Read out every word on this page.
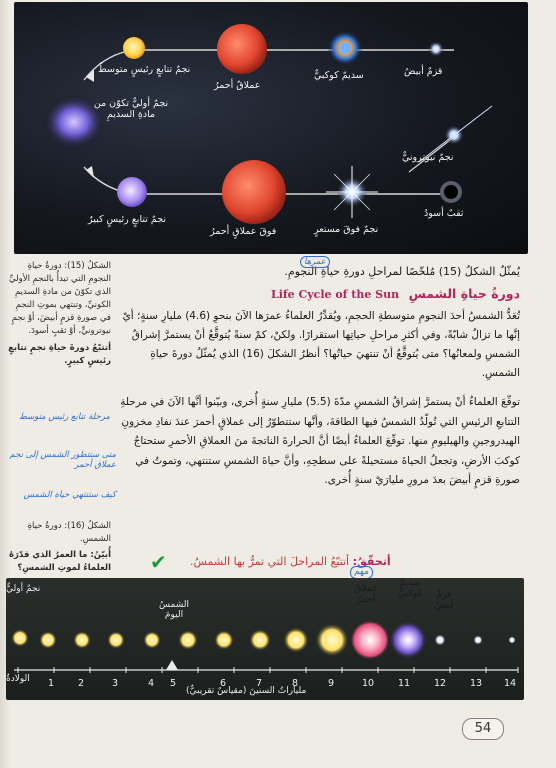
قزمٌ أبيضُ
سديمٌ كوكبيٌّ
عملاقٌ أحمرُ
نجمٌ تتابعٍ رئيسٍ متوسطٌ
نجمٌ أوليٌّ تكوّن من مادةِ السديمِ
نجمٌ نيوترونيٌّ
ثقبٌ أسودُ
نجمٌ فوقَ مستعرٍ
فوقَ عملاقٍ أحمرُ
نجمٌ تتابعٍ رئيسٍ كبيرٌ
الشكلُ (15): دورةُ حياةِ النجومِ التي تبدأُ بالنجمِ الأوليِّ الذي تكوّنَ من مادةِ السديمِ الكونيِّ، وتنتهي بموتِ النجمِ في صورةِ قزمٍ أبيضَ، أوْ نجمٍ نيوترونيٍّ، أوْ ثقبٍ أسودَ.
أتتبّعُ دورةَ حياةِ نجمٍ تتابعٍ رئيسٍ كبيرٍ.

يُمثّلُ الشكلُ (15) مُلخّصًا لمراحلِ دورةِ حياةِ النجومِ.

دورةُ حياةِ الشمسِ Life Cycle of the Sun

تُعَدُّ الشمسُ أحدَ النجومِ متوسطةِ الحجمِ، ويُقدِّرُ العلماءُ عمرَها الآنَ بنحوِ (4.6) مليارِ سنةٍ؛ أيْ إنَّها ما تزالُ شابّةً، وفي أكثرِ مراحلِ حياتِها استقرارًا. ولكنْ، كمْ سنةً يُتوقَّعُ أنْ يستمرَّ إشراقُ الشمسِ ولمعانُها؟ متى يُتوقَّعُ أنْ تنتهيَ حياتُها؟ أنظرُ الشكلَ (16) الذي يُمثّلُ دورةَ حياةِ الشمسِ.

توقّعَ العلماءُ أنْ يستمرَّ إشراقُ الشمسِ مدّةَ (5.5) مليارِ سنةٍ أُخرى، وبيّنوا أنَّها الآنَ في مرحلةِ التتابعِ الرئيسِ التي تُولّدُ الشمسُ فيها الطاقةَ، وأنَّها ستتطوّرُ إلى عملاقٍ أحمرَ عندَ نفادِ مخزونِ الهيدروجينِ والهيليومِ منها. توقّعَ العلماءُ أيضًا أنَّ الحرارةَ الناتجةَ منَ العملاقِ الأحمرِ ستحتاجُ كوكبَ الأرضِ، وتجعلُ الحياةَ مستحيلةً على سطحِهِ، وأنَّ حياةَ الشمسِ ستنتهي، وتموتُ في صورةِ قزمٍ أبيضَ بعدَ مرورِ مليارَيْ سنةٍ أُخرى.

عمرها
مرحلة تتابع رئيس متوسط
متى ستتطور الشمس إلى نجم عملاق أحمر
كيف ستنتهي حياة الشمس
الشكلُ (16): دورةُ حياةِ الشمسِ.
أُبيّنُ: ما العمرُ الذي قدّرَهُ العلماءُ لموتِ الشمسِ؟ ✔	أتحقّقُ: أتتبّعُ المراحلَ التي تمرُّ بها الشمسُ.
مهم
نجمٌ أوليٌّ
الشمسُ اليومَ
الولادةُ
ملياراتُ السنينَ (مقياسٌ تقريبيٌّ)
1	2	3	4 5	6	7	8	9	10	11	12	13 14
عملاقٌ أحمرُ
سديمٌ كوكبيٌّ	قزمٌ أبيضُ
54
